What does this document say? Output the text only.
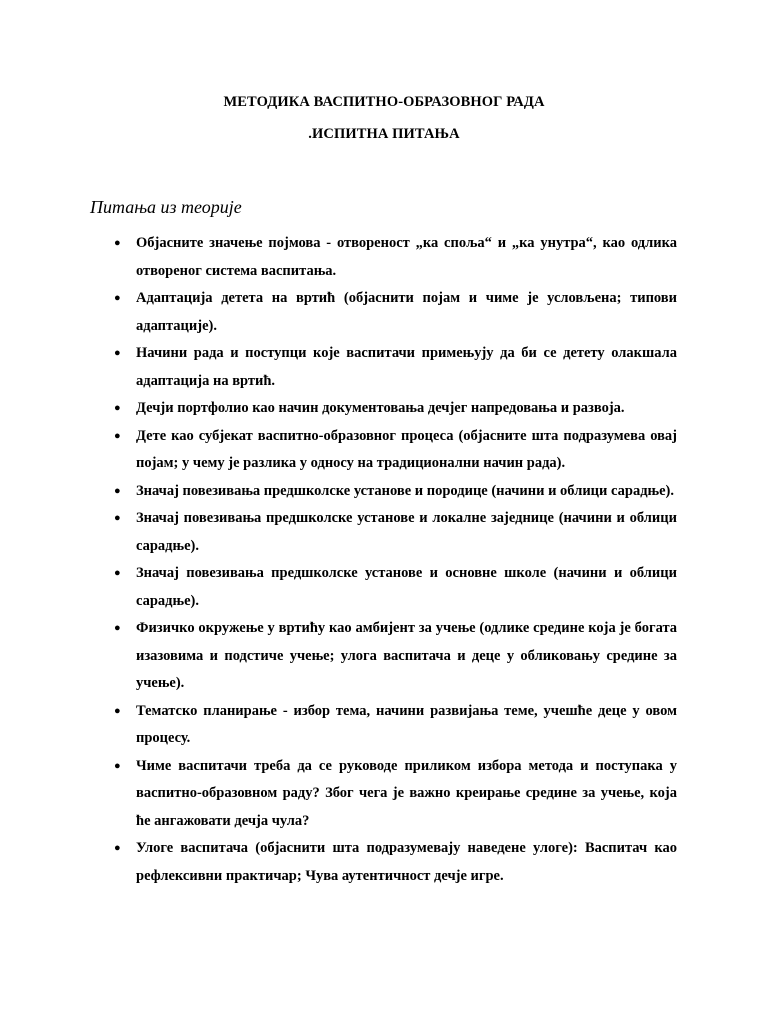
МЕТОДИКА ВАСПИТНО-ОБРАЗОВНОГ РАДА
.ИСПИТНА ПИТАЊА
Питања из теорије
● Објасните значење појмова - отвореност „ка споља“ и „ка унутра“, као одлика отвореног система васпитања.
● Адаптација детета на вртић (објаснити појам и чиме је условљена; типови адаптације).
● Начини рада и поступци које васпитачи примењују да би се детету олакшала адаптација на вртић.
● Дечји портфолио као начин документовања дечјег напредовања и развоја.
● Дете као субјекат васпитно-образовног процеса (објасните шта подразумева овај појам; у чему је разлика у односу на традиционални начин рада).
● Значај повезивања предшколске установе и породице (начини и облици сарадње).
● Значај повезивања предшколске установе и локалне заједнице (начини и облици сарадње).
● Значај повезивања предшколске установе и основне школе (начини и облици сарадње).
● Физичко окружење у вртићу као амбијент за учење (одлике средине која је богата изазовима и подстиче учење; улога васпитача и деце у обликовању средине за учење).
● Тематско планирање - избор тема, начини развијања теме, учешће деце у овом процесу.
● Чиме васпитачи треба да се руководе приликом избора метода и поступака у васпитно-образовном раду? Због чега је важно креирање средине за учење, која ће ангажовати дечја чула?
● Улоге васпитача (објаснити шта подразумевају наведене улоге): Васпитач као рефлексивни практичар; Чува аутентичност дечје игре.
